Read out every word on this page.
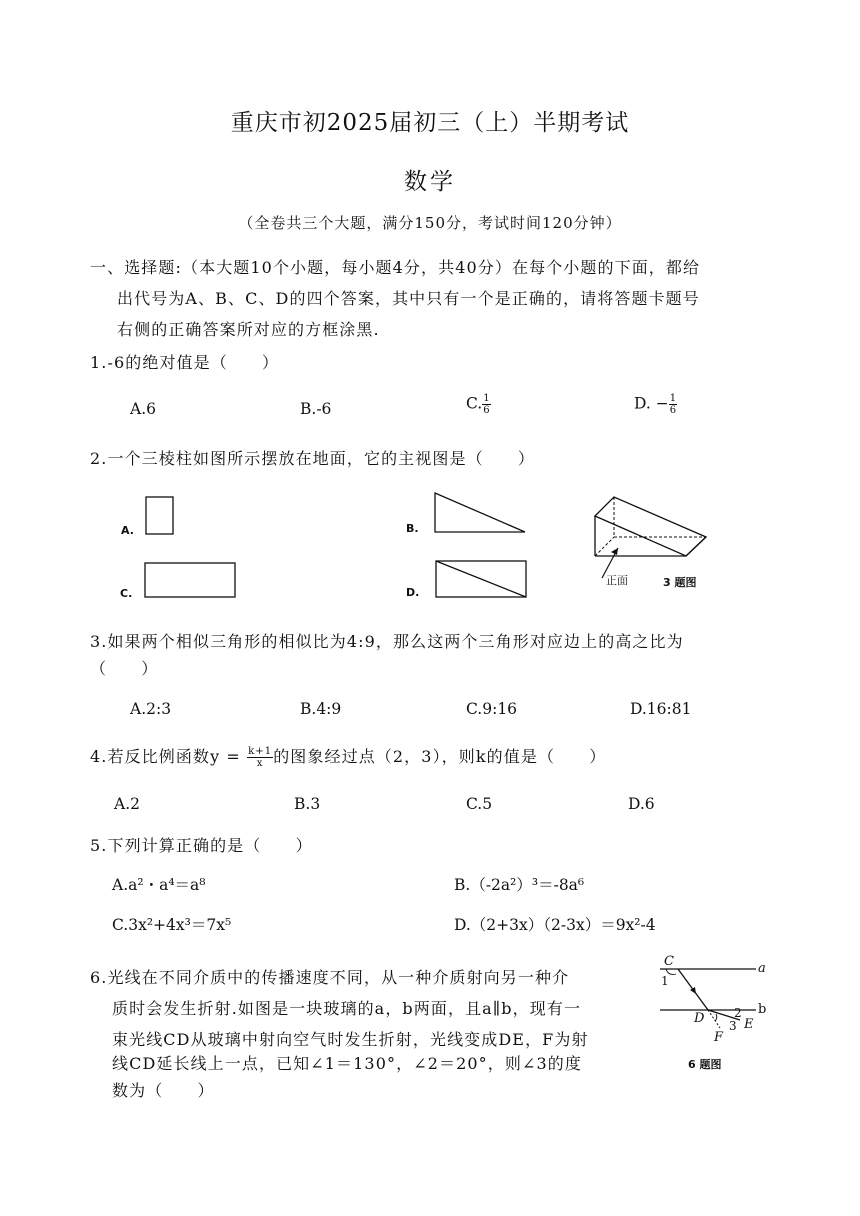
重庆市初2025届初三（上）半期考试
数学
（全卷共三个大题，满分150分，考试时间120分钟）
一、选择题:（本大题10个小题，每小题4分，共40分）在每个小题的下面，都给
出代号为A、B、C、D的四个答案，其中只有一个是正确的，请将答题卡题号
右侧的正确答案所对应的方框涂黑.
1.-6的绝对值是（　　）
A.6	B.-6	C. $\frac{1}{6}$	D. − $\frac{1}{6}$
2.一个三棱柱如图所示摆放在地面，它的主视图是（　　）
A.	B.
C.	D.
正面	3 题图
3.如果两个相似三角形的相似比为4:9，那么这两个三角形对应边上的高之比为
（　　）
A.2:3	B.4:9	C.9:16	D.16:81
4.若反比例函数$y = \frac{k+1}{x}$ 的图象经过点（2，3），则k的值是（　　）
A.2	B.3	C.5	D.6
5.下列计算正确的是（　　）
A.a²・a⁴＝a⁸	B.（-2a²）³＝-8a⁶
C.3x²+4x³＝7x⁵	D.（2+3x）（2-3x）＝9x²-4
6.光线在不同介质中的传播速度不同，从一种介质射向另一种介
质时会发生折射.如图是一块玻璃的a，b两面，且a∥b，现有一
束光线CD从玻璃中射向空气时发生折射，光线变成DE，F为射
线CD延长线上一点，已知∠1＝130°，∠2＝20°，则∠3的度
数为（　　）
C	a
1
b
D 2
3 E
F
6 题图
